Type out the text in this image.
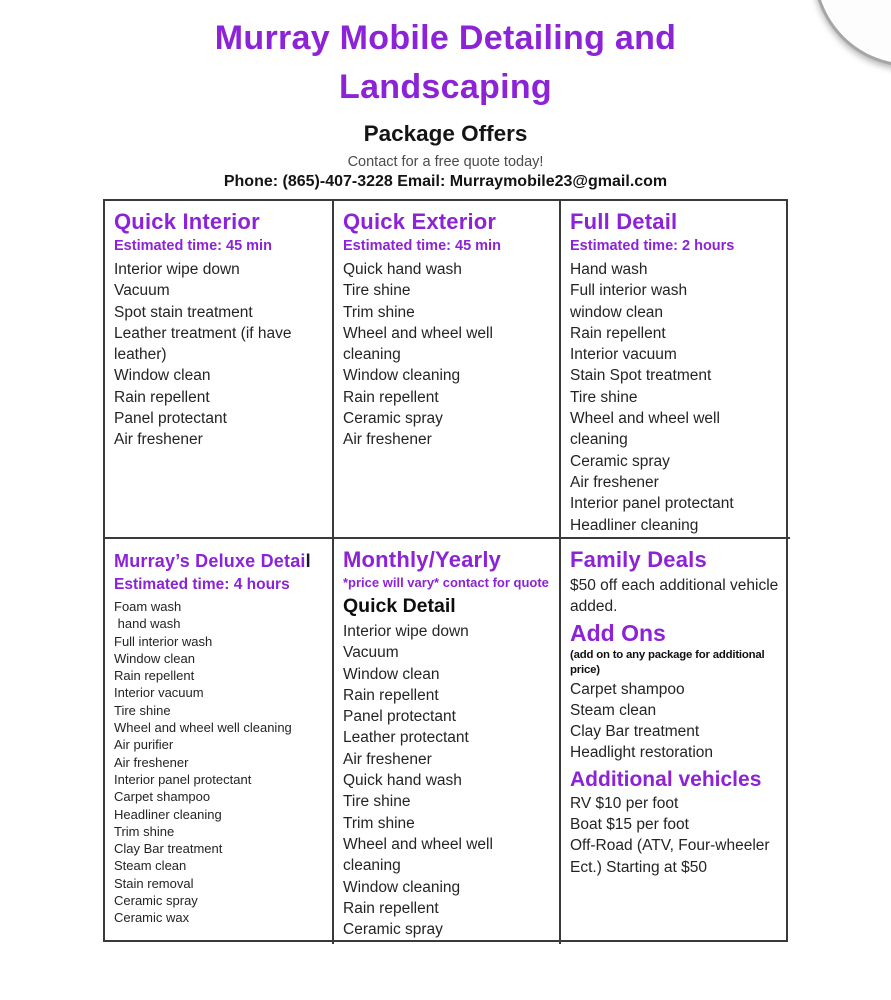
Murray Mobile Detailing and
Landscaping
Package Offers
Contact for a free quote today!
Phone: (865)-407-3228 Email: Murraymobile23@gmail.com
Quick Interior
Estimated time: 45 min
Interior wipe down
Vacuum
Spot stain treatment
Leather treatment (if have leather)
Window clean
Rain repellent
Panel protectant
Air freshener
Quick Exterior
Estimated time: 45 min
Quick hand wash
Tire shine
Trim shine
Wheel and wheel well cleaning
Window cleaning
Rain repellent
Ceramic spray
Air freshener
Full Detail
Estimated time: 2 hours
Hand wash
Full interior wash
window clean
Rain repellent
Interior vacuum
Stain Spot treatment
Tire shine
Wheel and wheel well cleaning
Ceramic spray
Air freshener
Interior panel protectant
Headliner cleaning
Murray’s Deluxe Detail
Estimated time: 4 hours
Foam wash
hand wash
Full interior wash
Window clean
Rain repellent
Interior vacuum
Tire shine
Wheel and wheel well cleaning
Air purifier
Air freshener
Interior panel protectant
Carpet shampoo
Headliner cleaning
Trim shine
Clay Bar treatment
Steam clean
Stain removal
Ceramic spray
Ceramic wax
Monthly/Yearly
*price will vary* contact for quote
Quick Detail
Interior wipe down
Vacuum
Window clean
Rain repellent
Panel protectant
Leather protectant
Air freshener
Quick hand wash
Tire shine
Trim shine
Wheel and wheel well cleaning
Window cleaning
Rain repellent
Ceramic spray
Family Deals
$50 off each additional vehicle added.
Add Ons
(add on to any package for additional price)
Carpet shampoo
Steam clean
Clay Bar treatment
Headlight restoration
Additional vehicles
RV $10 per foot
Boat $15 per foot
Off-Road (ATV, Four-wheeler Ect.) Starting at $50
